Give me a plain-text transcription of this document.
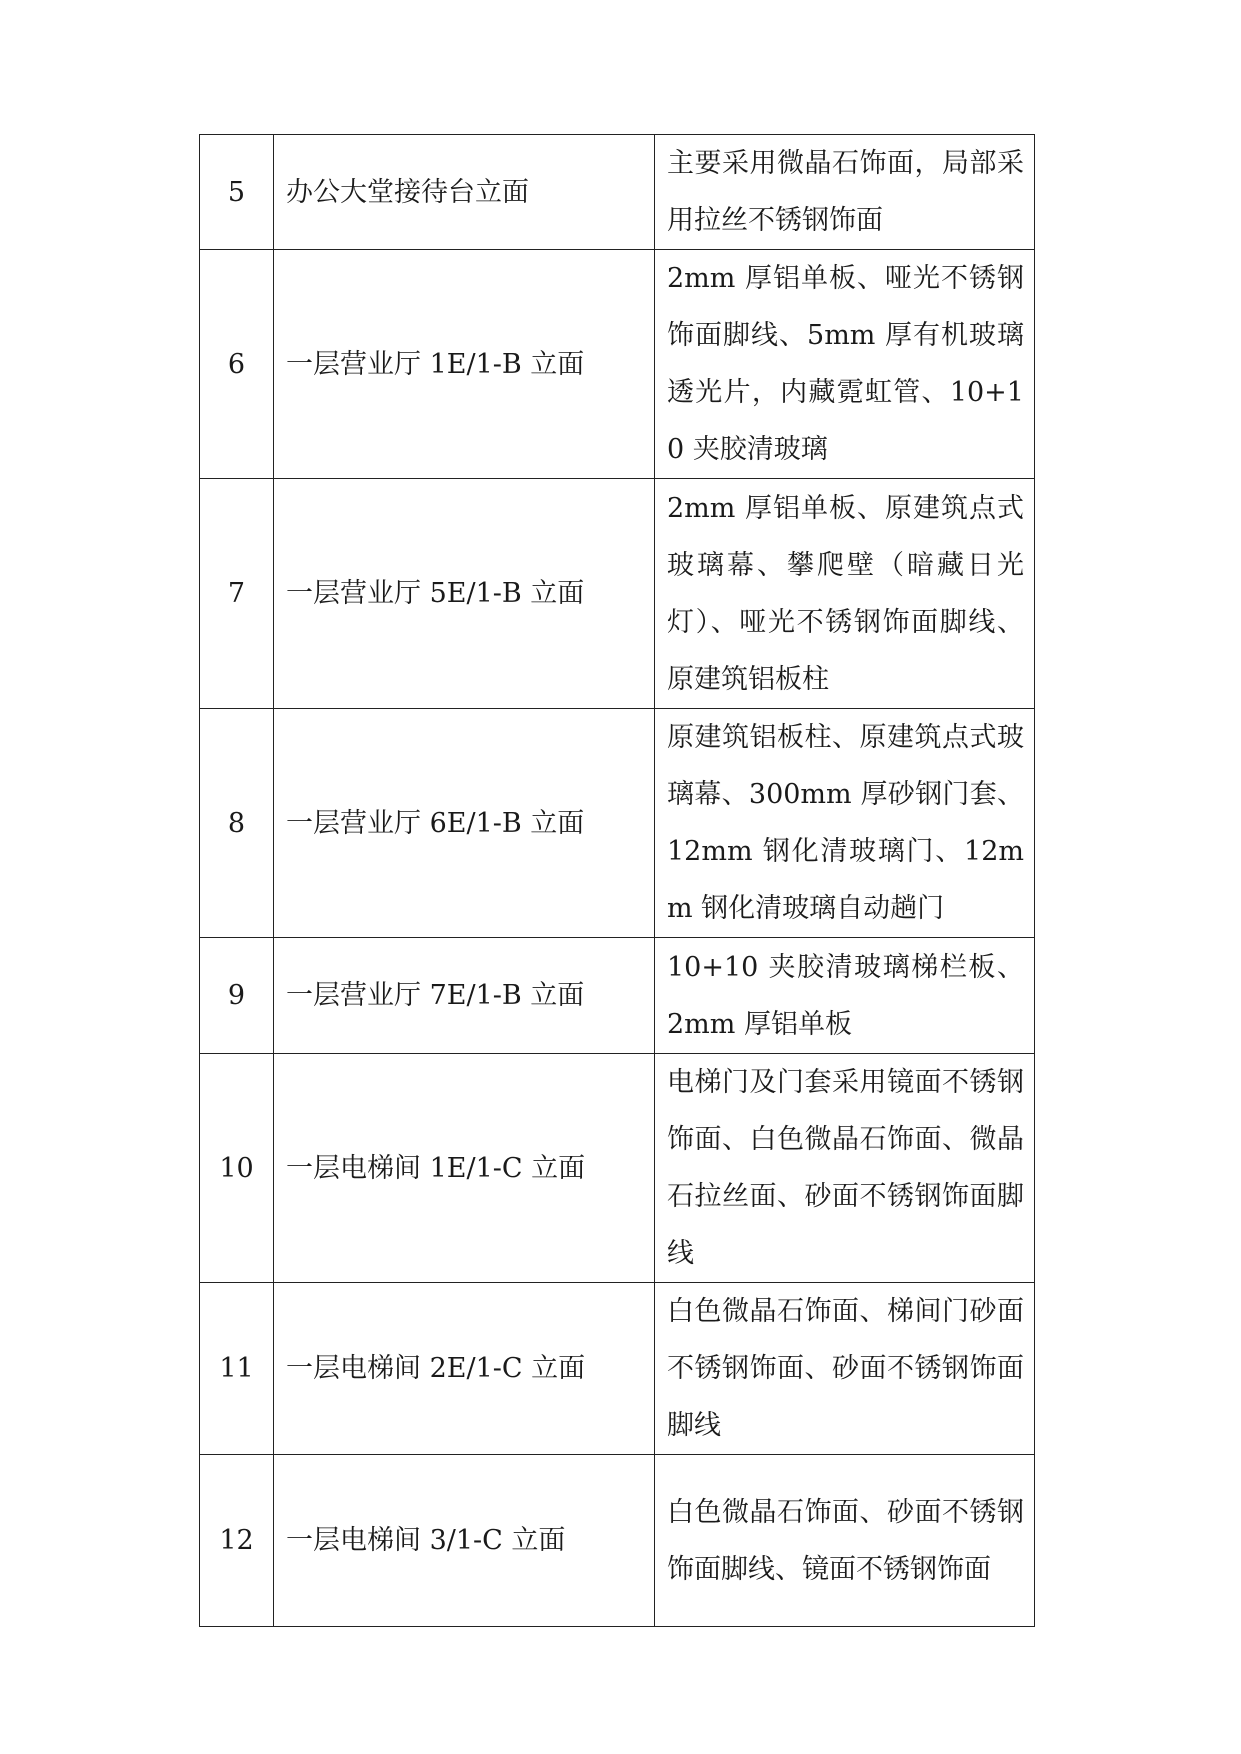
5	办公大堂接待台立面	主要采用微晶石饰面，局部采用拉丝不锈钢饰面
6	一层营业厅 1E/1-B 立面	2mm 厚铝单板、哑光不锈钢饰面脚线、5mm 厚有机玻璃透光片，内藏霓虹管、10+10 夹胶清玻璃
7	一层营业厅 5E/1-B 立面	2mm 厚铝单板、原建筑点式玻璃幕、攀爬壁（暗藏日光灯）、哑光不锈钢饰面脚线、原建筑铝板柱
8	一层营业厅 6E/1-B 立面	原建筑铝板柱、原建筑点式玻璃幕、300mm 厚砂钢门套、12mm 钢化清玻璃门、12mm 钢化清玻璃自动趟门
9	一层营业厅 7E/1-B 立面	10+10 夹胶清玻璃梯栏板、2mm 厚铝单板
10	一层电梯间 1E/1-C 立面	电梯门及门套采用镜面不锈钢饰面、白色微晶石饰面、微晶石拉丝面、砂面不锈钢饰面脚线
11	一层电梯间 2E/1-C 立面	白色微晶石饰面、梯间门砂面不锈钢饰面、砂面不锈钢饰面脚线
12	一层电梯间 3/1-C 立面	白色微晶石饰面、砂面不锈钢饰面脚线、镜面不锈钢饰面
